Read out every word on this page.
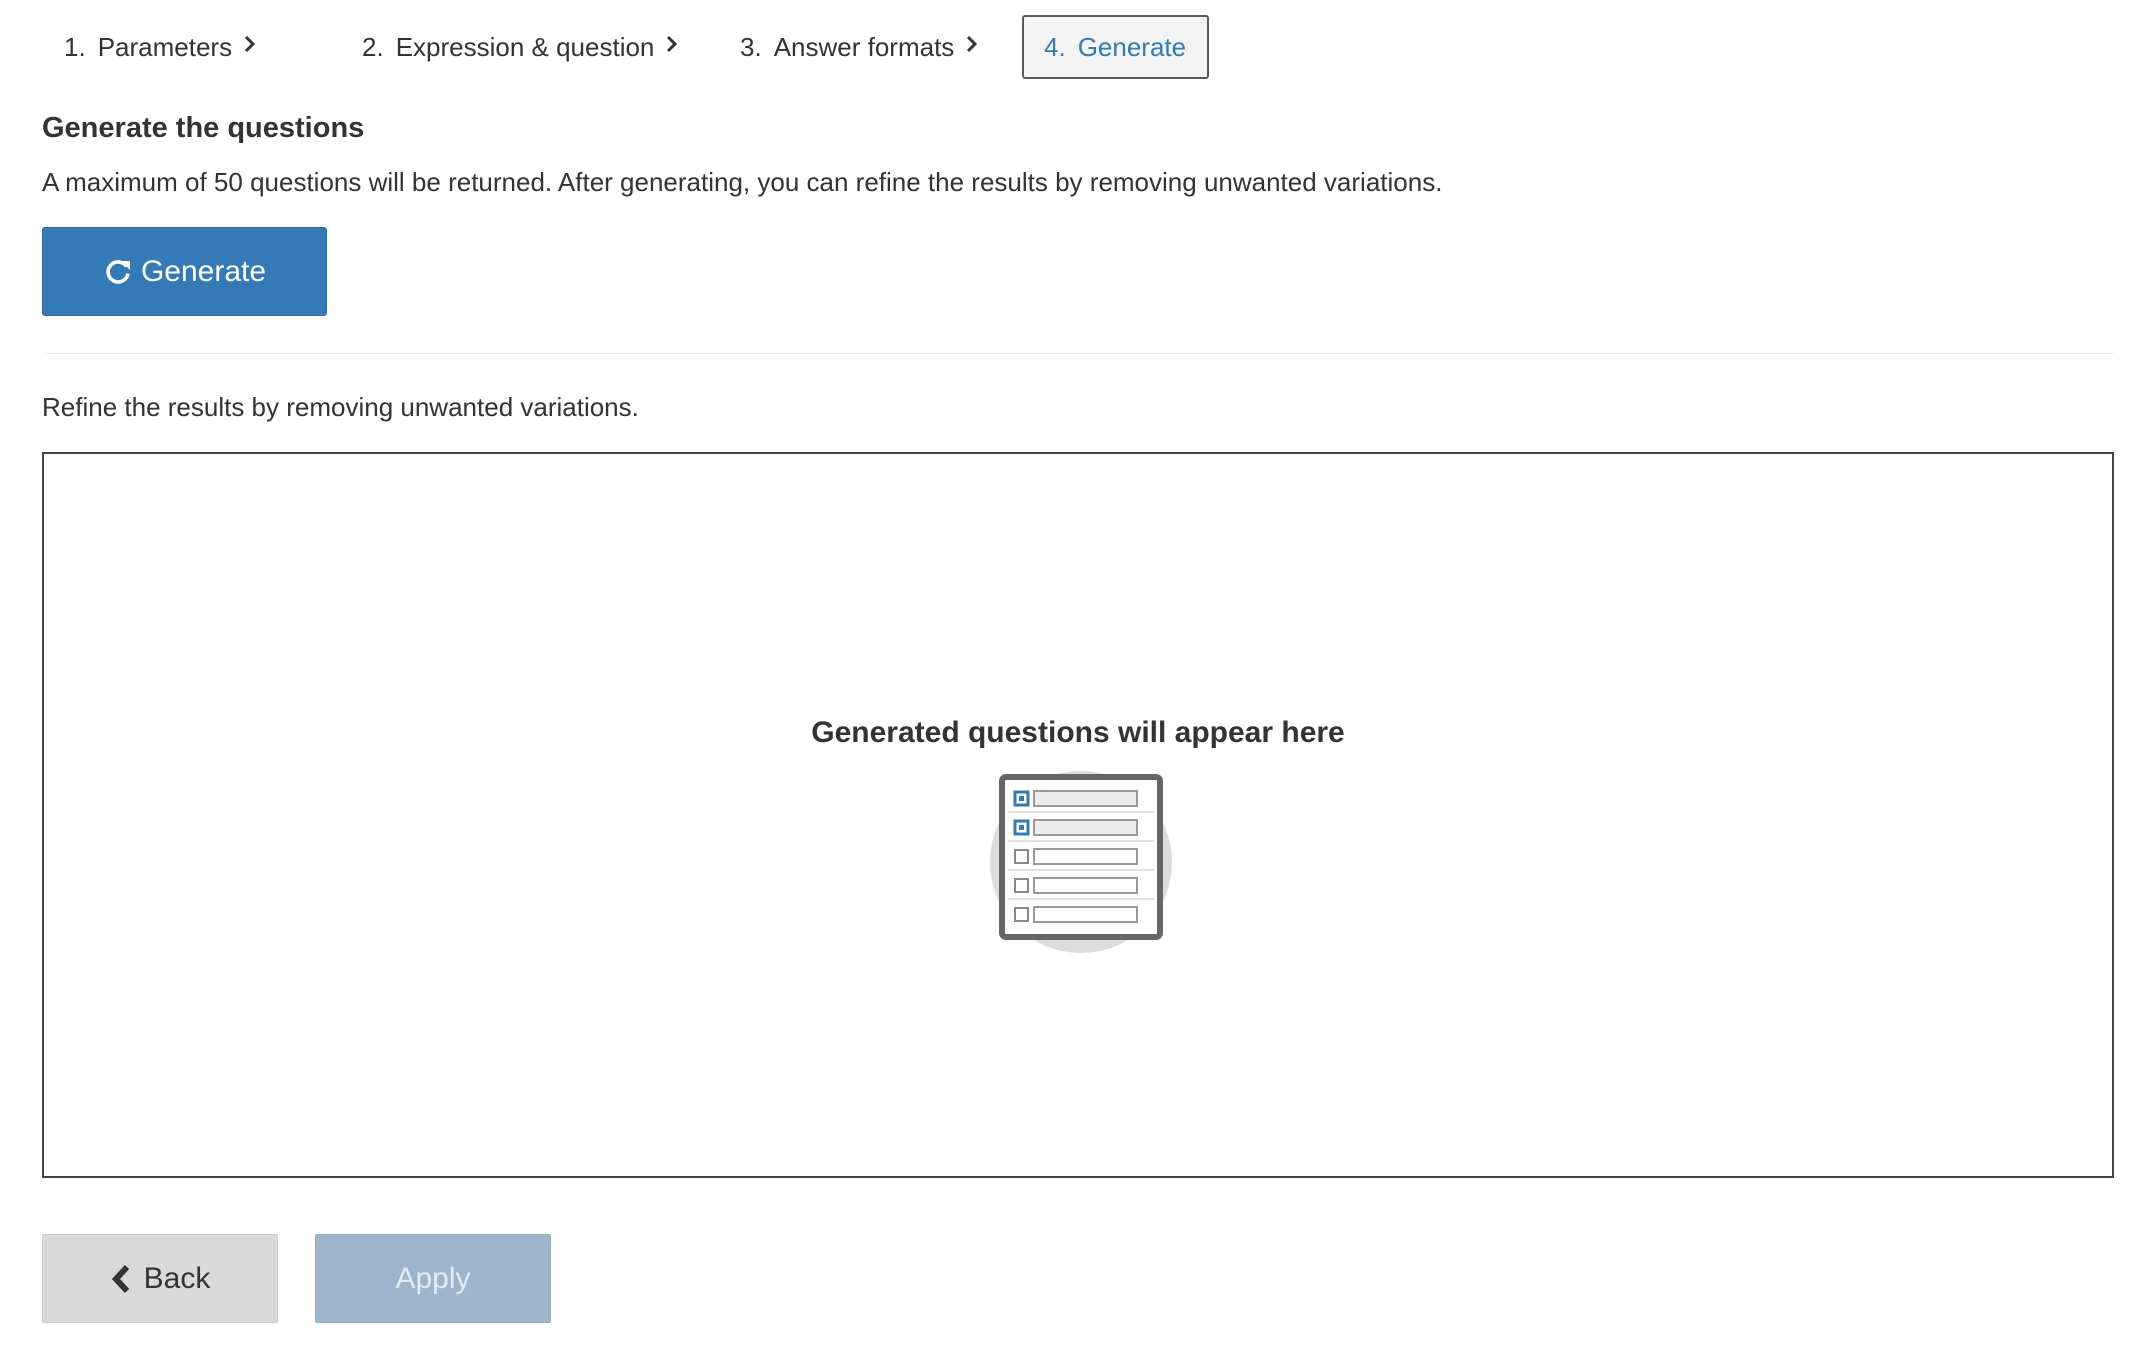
1. Parameters	2. Expression & question	3. Answer formats	4. Generate
Generate the questions
A maximum of 50 questions will be returned. After generating, you can refine the results by removing unwanted variations.
Generate
Refine the results by removing unwanted variations.
Generated questions will appear here
Back	Apply
